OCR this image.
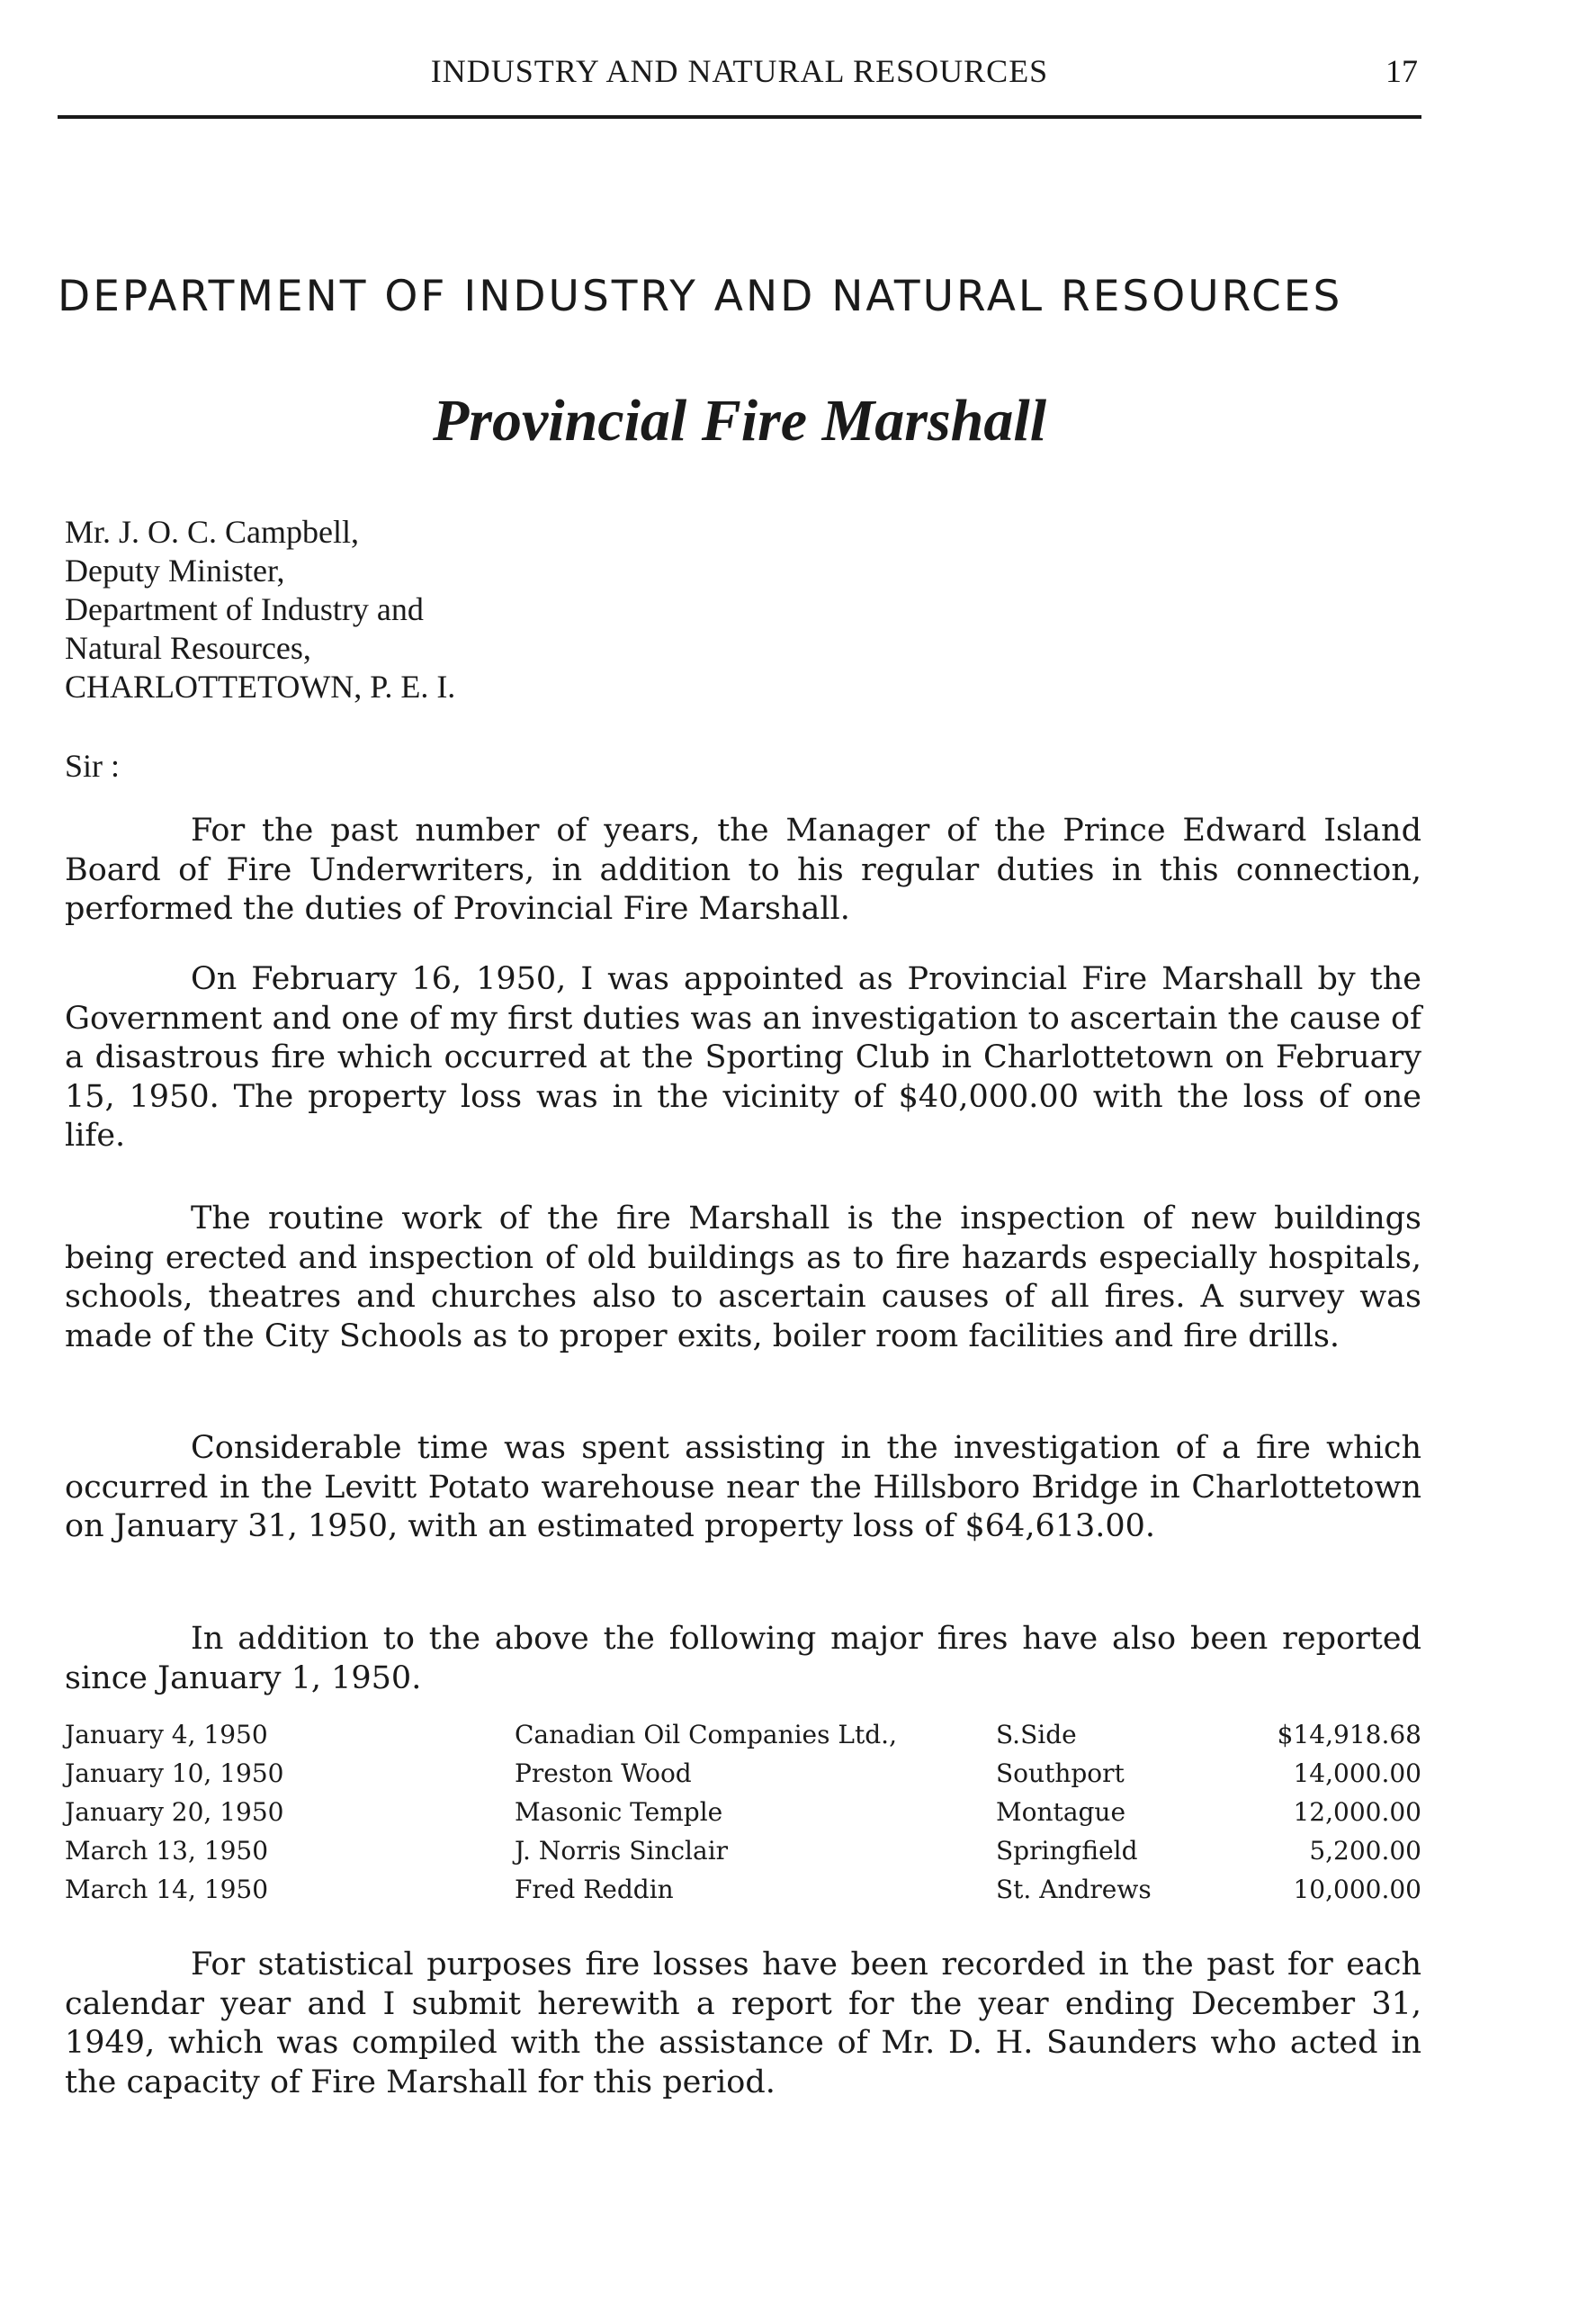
INDUSTRY AND NATURAL RESOURCES	17
DEPARTMENT OF INDUSTRY AND NATURAL RESOURCES
Provincial Fire Marshall
Mr. J. O. C. Campbell,
Deputy Minister,
Department of Industry and
Natural Resources,
CHARLOTTETOWN, P. E. I.
Sir :

For the past number of years, the Manager of the Prince Edward Island Board of Fire Underwriters, in addition to his regular duties in this connection, performed the duties of Provincial Fire Marshall.

On February 16, 1950, I was appointed as Provincial Fire Marshall by the Government and one of my first duties was an investigation to ascertain the cause of a disastrous fire which occurred at the Sporting Club in Charlottetown on February 15, 1950. The property loss was in the vicinity of $40,000.00 with the loss of one life.

The routine work of the fire Marshall is the inspection of new buildings being erected and inspection of old buildings as to fire hazards especially hospitals, schools, theatres and churches also to ascertain causes of all fires. A survey was made of the City Schools as to proper exits, boiler room facilities and fire drills.

Considerable time was spent assisting in the investigation of a fire which occurred in the Levitt Potato warehouse near the Hillsboro Bridge in Charlottetown on January 31, 1950, with an estimated property loss of $64,613.00.

In addition to the above the following major fires have also been reported since January 1, 1950.

January 4, 1950	Canadian Oil Companies Ltd.,	S.Side	$14,918.68
January 10, 1950	Preston Wood	Southport	14,000.00
January 20, 1950	Masonic Temple	Montague	12,000.00
March 13, 1950	J. Norris Sinclair	Springfield	5,200.00
March 14, 1950	Fred Reddin	St. Andrews	10,000.00

For statistical purposes fire losses have been recorded in the past for each calendar year and I submit herewith a report for the year ending December 31, 1949, which was compiled with the assistance of Mr. D. H. Saunders who acted in the capacity of Fire Marshall for this period.
